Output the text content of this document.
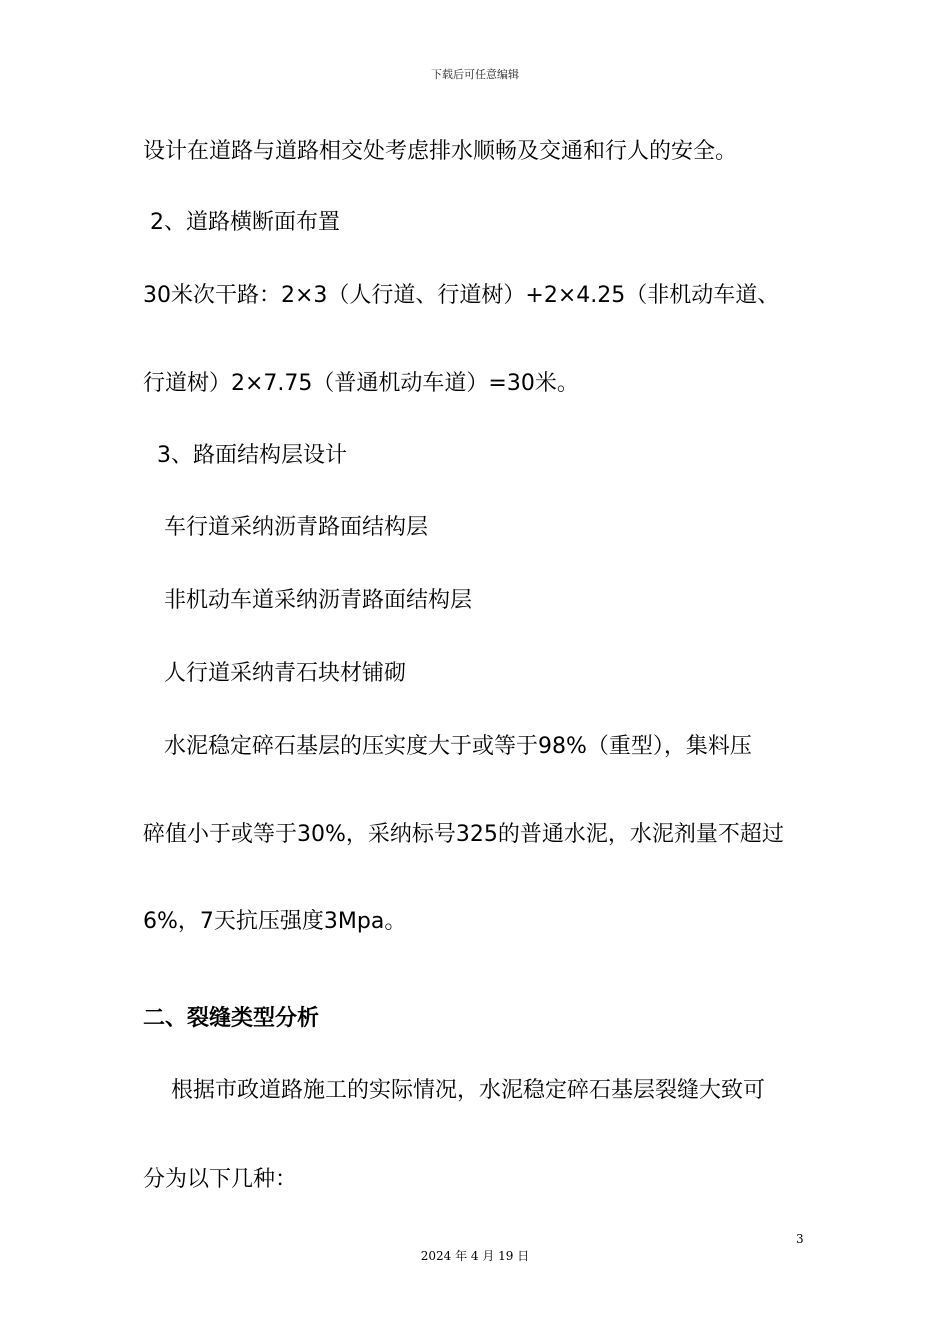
下载后可任意编辑
设计在道路与道路相交处考虑排水顺畅及交通和行人的安全。
2、道路横断面布置
30米次干路：2×3（人行道、行道树）+2×4.25（非机动车道、
行道树）2×7.75（普通机动车道）=30米。
3、路面结构层设计
车行道采纳沥青路面结构层
非机动车道采纳沥青路面结构层
人行道采纳青石块材铺砌
水泥稳定碎石基层的压实度大于或等于98%（重型），集料压
碎值小于或等于30%，采纳标号325的普通水泥，水泥剂量不超过
6%，7天抗压强度3Mpa。
二、裂缝类型分析
根据市政道路施工的实际情况，水泥稳定碎石基层裂缝大致可
分为以下几种：
3
2024 年 4 月 19 日
